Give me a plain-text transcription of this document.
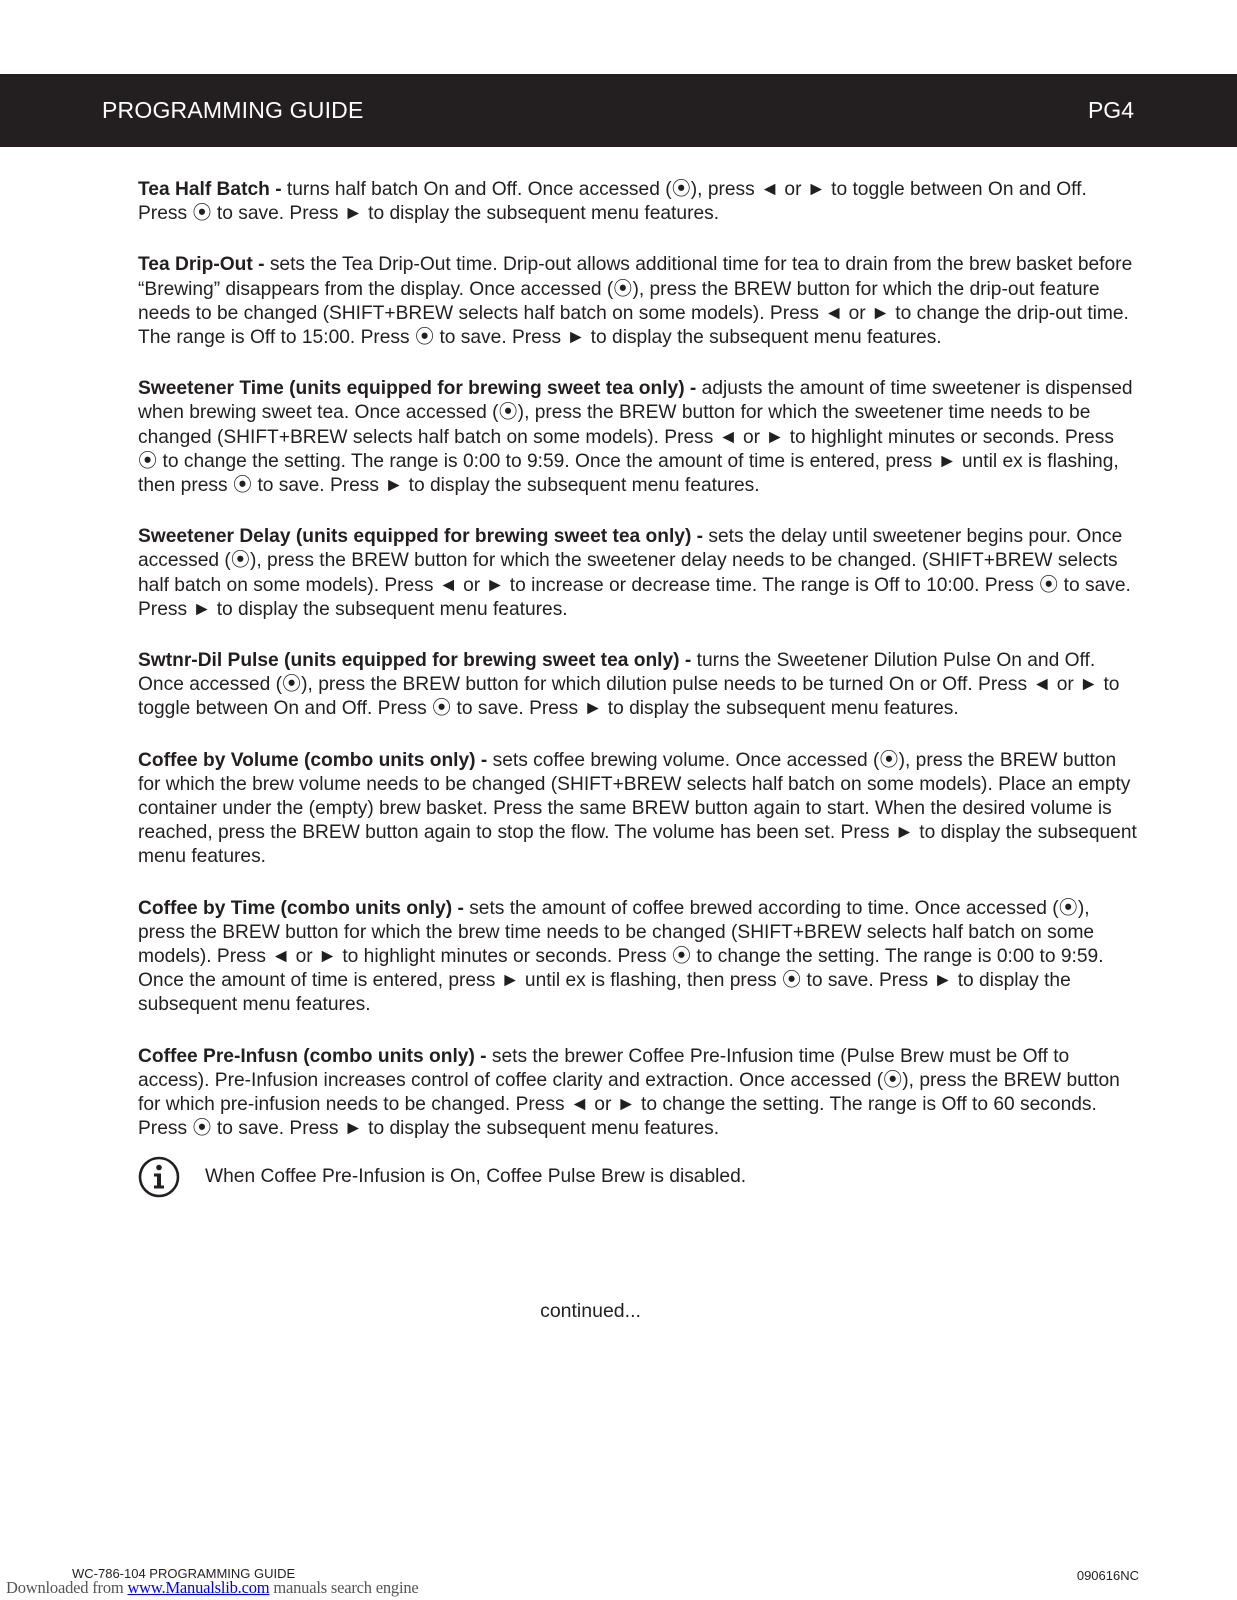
PROGRAMMING GUIDE	PG4

Tea Half Batch - turns half batch On and Off. Once accessed (⦿), press ◄ or ► to toggle between On and Off. Press ⦿ to save. Press ► to display the subsequent menu features.

Tea Drip-Out - sets the Tea Drip-Out time. Drip-out allows additional time for tea to drain from the brew basket before “Brewing” disappears from the display. Once accessed (⦿), press the BREW button for which the drip-out feature needs to be changed (SHIFT+BREW selects half batch on some models). Press ◄ or ► to change the drip-out time. The range is Off to 15:00. Press ⦿ to save. Press ► to display the subsequent menu features.

Sweetener Time (units equipped for brewing sweet tea only) - adjusts the amount of time sweetener is dispensed when brewing sweet tea. Once accessed (⦿), press the BREW button for which the sweetener time needs to be changed (SHIFT+BREW selects half batch on some models). Press ◄ or ► to highlight minutes or seconds. Press ⦿ to change the setting. The range is 0:00 to 9:59. Once the amount of time is entered, press ► until ex is flashing, then press ⦿ to save. Press ► to display the subsequent menu features.

Sweetener Delay (units equipped for brewing sweet tea only) - sets the delay until sweetener begins pour. Once accessed (⦿), press the BREW button for which the sweetener delay needs to be changed. (SHIFT+BREW selects half batch on some models). Press ◄ or ► to increase or decrease time. The range is Off to 10:00. Press ⦿ to save. Press ► to display the subsequent menu features.

Swtnr-Dil Pulse (units equipped for brewing sweet tea only) - turns the Sweetener Dilution Pulse On and Off. Once accessed (⦿), press the BREW button for which dilution pulse needs to be turned On or Off. Press ◄ or ► to toggle between On and Off. Press ⦿ to save. Press ► to display the subsequent menu features.

Coffee by Volume (combo units only) - sets coffee brewing volume. Once accessed (⦿), press the BREW button for which the brew volume needs to be changed (SHIFT+BREW selects half batch on some models). Place an empty container under the (empty) brew basket. Press the same BREW button again to start. When the desired volume is reached, press the BREW button again to stop the flow. The volume has been set. Press ► to display the subsequent menu features.

Coffee by Time (combo units only) - sets the amount of coffee brewed according to time. Once accessed (⦿), press the BREW button for which the brew time needs to be changed (SHIFT+BREW selects half batch on some models). Press ◄ or ► to highlight minutes or seconds. Press ⦿ to change the setting. The range is 0:00 to 9:59. Once the amount of time is entered, press ► until ex is flashing, then press ⦿ to save. Press ► to display the subsequent menu features.

Coffee Pre-Infusn (combo units only) - sets the brewer Coffee Pre-Infusion time (Pulse Brew must be Off to access). Pre-Infusion increases control of coffee clarity and extraction. Once accessed (⦿), press the BREW button for which pre-infusion needs to be changed. Press ◄ or ► to change the setting. The range is Off to 60 seconds. Press ⦿ to save. Press ► to display the subsequent menu features.

When Coffee Pre-Infusion is On, Coffee Pulse Brew is disabled.
continued...
WC-786-104 PROGRAMMING GUIDE	090616NC
Downloaded from www.Manualslib.com manuals search engine
